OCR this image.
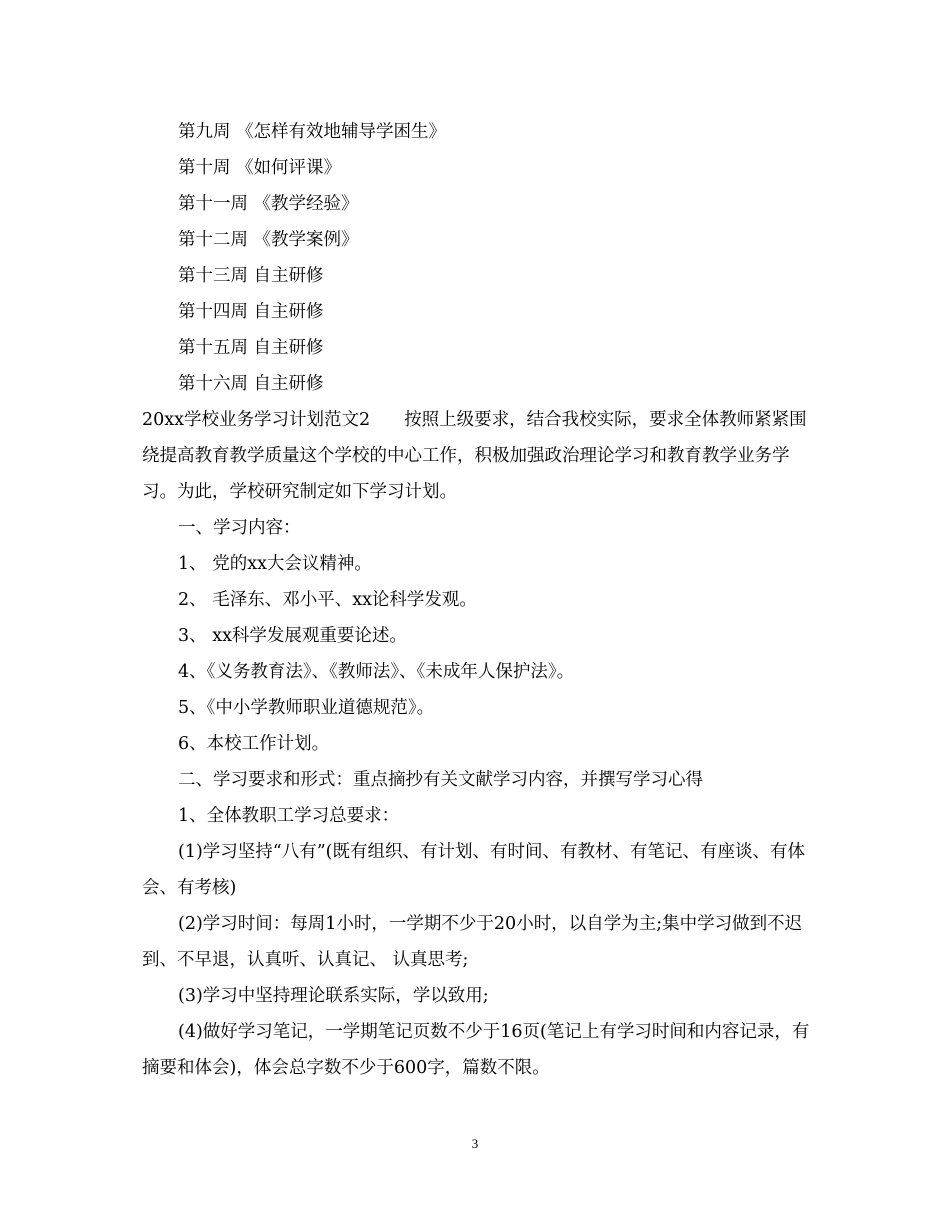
第九周 《怎样有效地辅导学困生》
第十周 《如何评课》
第十一周 《教学经验》
第十二周 《教学案例》
第十三周 自主研修
第十四周 自主研修
第十五周 自主研修
第十六周 自主研修
20xx学校业务学习计划范文2 按照上级要求，结合我校实际，要求全体教师紧紧围绕提高教育教学质量这个学校的中心工作，积极加强政治理论学习和教育教学业务学习。为此，学校研究制定如下学习计划。
一、学习内容：
1、 党的xx大会议精神。
2、 毛泽东、邓小平、xx论科学发观。
3、 xx科学发展观重要论述。
4、《义务教育法》、《教师法》、《未成年人保护法》。
5、《中小学教师职业道德规范》。
6、本校工作计划。
二、学习要求和形式：重点摘抄有关文献学习内容，并撰写学习心得
1、全体教职工学习总要求：
(1)学习坚持“八有”(既有组织、有计划、有时间、有教材、有笔记、有座谈、有体会、有考核)
(2)学习时间：每周1小时，一学期不少于20小时，以自学为主;集中学习做到不迟到、不早退，认真听、认真记、 认真思考;
(3)学习中坚持理论联系实际，学以致用;
(4)做好学习笔记，一学期笔记页数不少于16页(笔记上有学习时间和内容记录，有摘要和体会)，体会总字数不少于600字，篇数不限。
3
